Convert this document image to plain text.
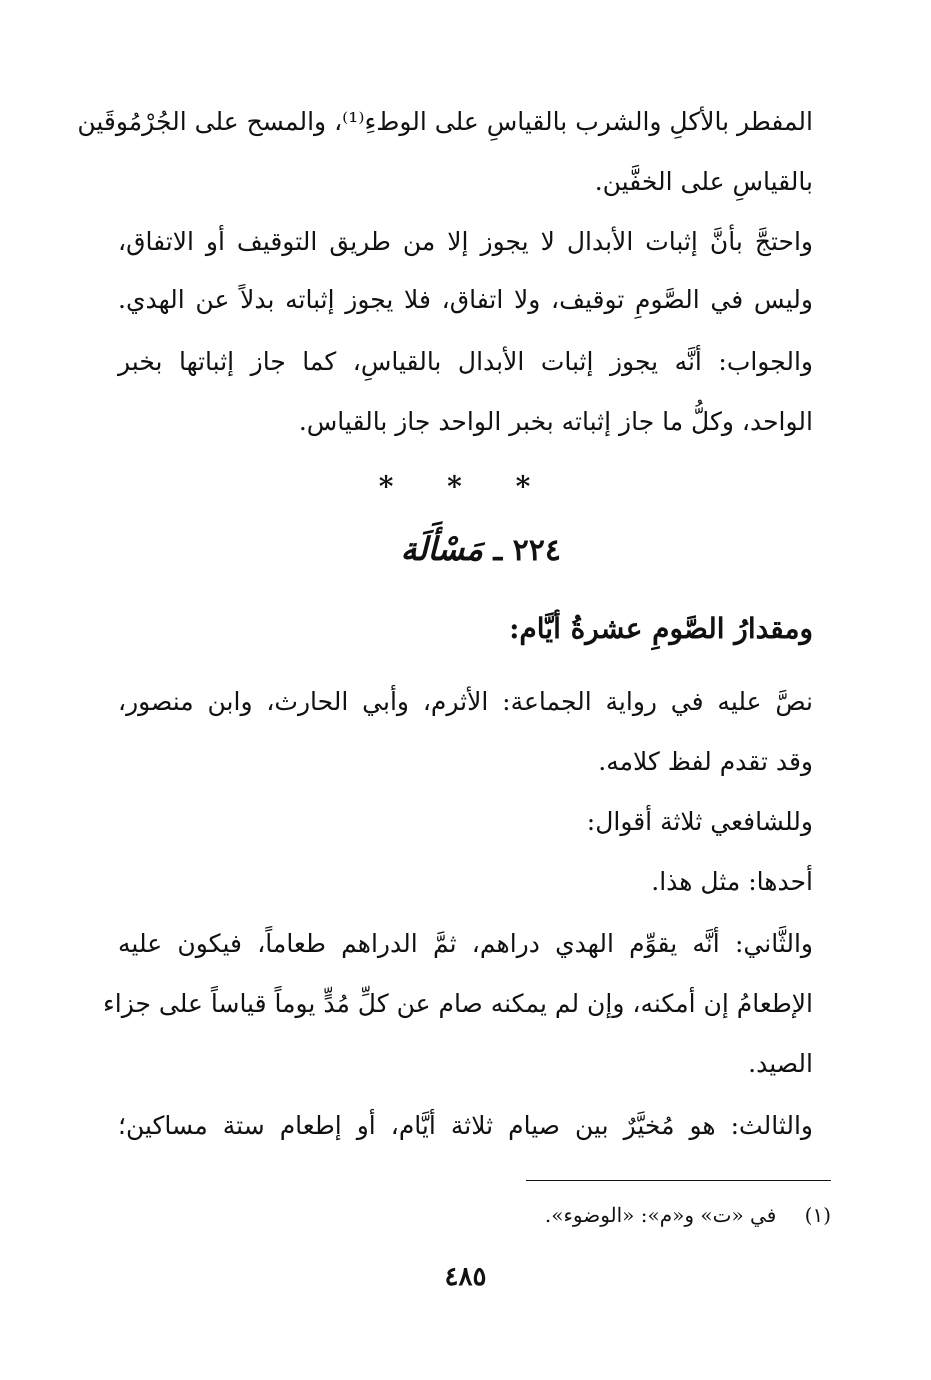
المفطر بالأكلِ والشرب بالقياسِ على الوطءِ⁽¹⁾، والمسح على الجُرْمُوقَين
بالقياسِ على الخفَّين.
واحتجَّ بأنَّ إثبات الأبدال لا يجوز إلا من طريق التوقيف أو الاتفاق،
وليس في الصَّومِ توقيف، ولا اتفاق، فلا يجوز إثباته بدلاً عن الهدي.
والجواب: أنَّه يجوز إثبات الأبدال بالقياسِ، كما جاز إثباتها بخبر
الواحد، وكلُّ ما جاز إثباته بخبر الواحد جاز بالقياس.
* * *
٢٢٤ ـ مَسْأَلَة
ومقدارُ الصَّومِ عشرةُ أيَّام:
نصَّ عليه في رواية الجماعة: الأثرم، وأبي الحارث، وابن منصور،
وقد تقدم لفظ كلامه.
وللشافعي ثلاثة أقوال:
أحدها: مثل هذا.
والثَّاني: أنَّه يقوِّم الهدي دراهم، ثمَّ الدراهم طعاماً، فيكون عليه
الإطعامُ إن أمكنه، وإن لم يمكنه صام عن كلِّ مُدٍّ يوماً قياساً على جزاء
الصيد.
والثالث: هو مُخيَّرٌ بين صيام ثلاثة أيَّام، أو إطعام ستة مساكين؛
(١) في «ت» و«م»: «الوضوء».
٤٨٥
